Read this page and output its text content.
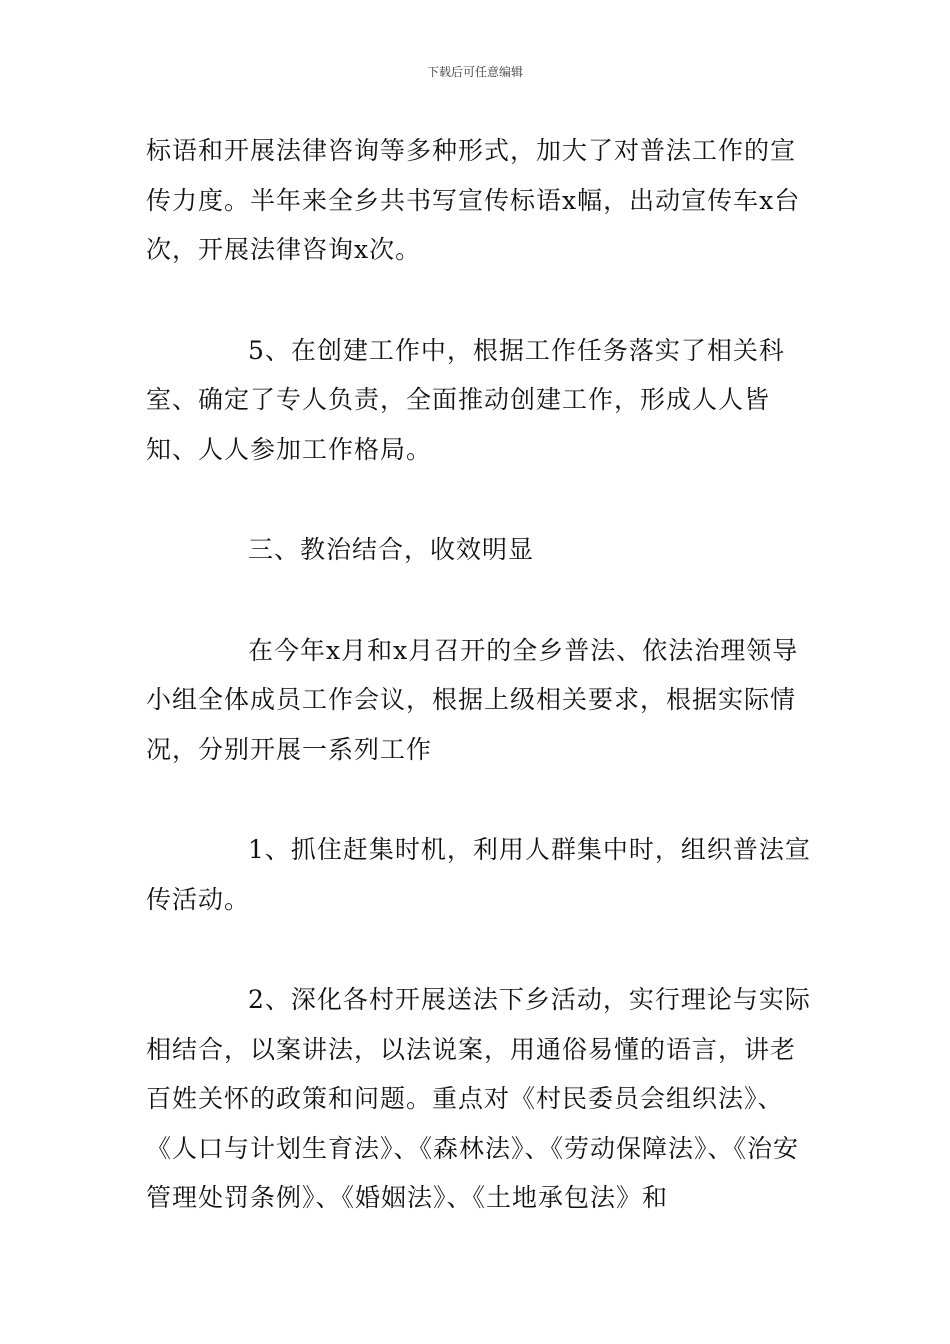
下载后可任意编辑

标语和开展法律咨询等多种形式，加大了对普法工作的宣传力度。半年来全乡共书写宣传标语x幅，出动宣传车x台次，开展法律咨询x次。

5、在创建工作中，根据工作任务落实了相关科室、确定了专人负责，全面推动创建工作，形成人人皆知、人人参加工作格局。

三、教治结合，收效明显

在今年x月和x月召开的全乡普法、依法治理领导小组全体成员工作会议，根据上级相关要求，根据实际情况，分别开展一系列工作

1、抓住赶集时机，利用人群集中时，组织普法宣传活动。

2、深化各村开展送法下乡活动，实行理论与实际相结合，以案讲法，以法说案，用通俗易懂的语言，讲老百姓关怀的政策和问题。重点对《村民委员会组织法》、《人口与计划生育法》、《森林法》、《劳动保障法》、《治安管理处罚条例》、《婚姻法》、《土地承包法》和
